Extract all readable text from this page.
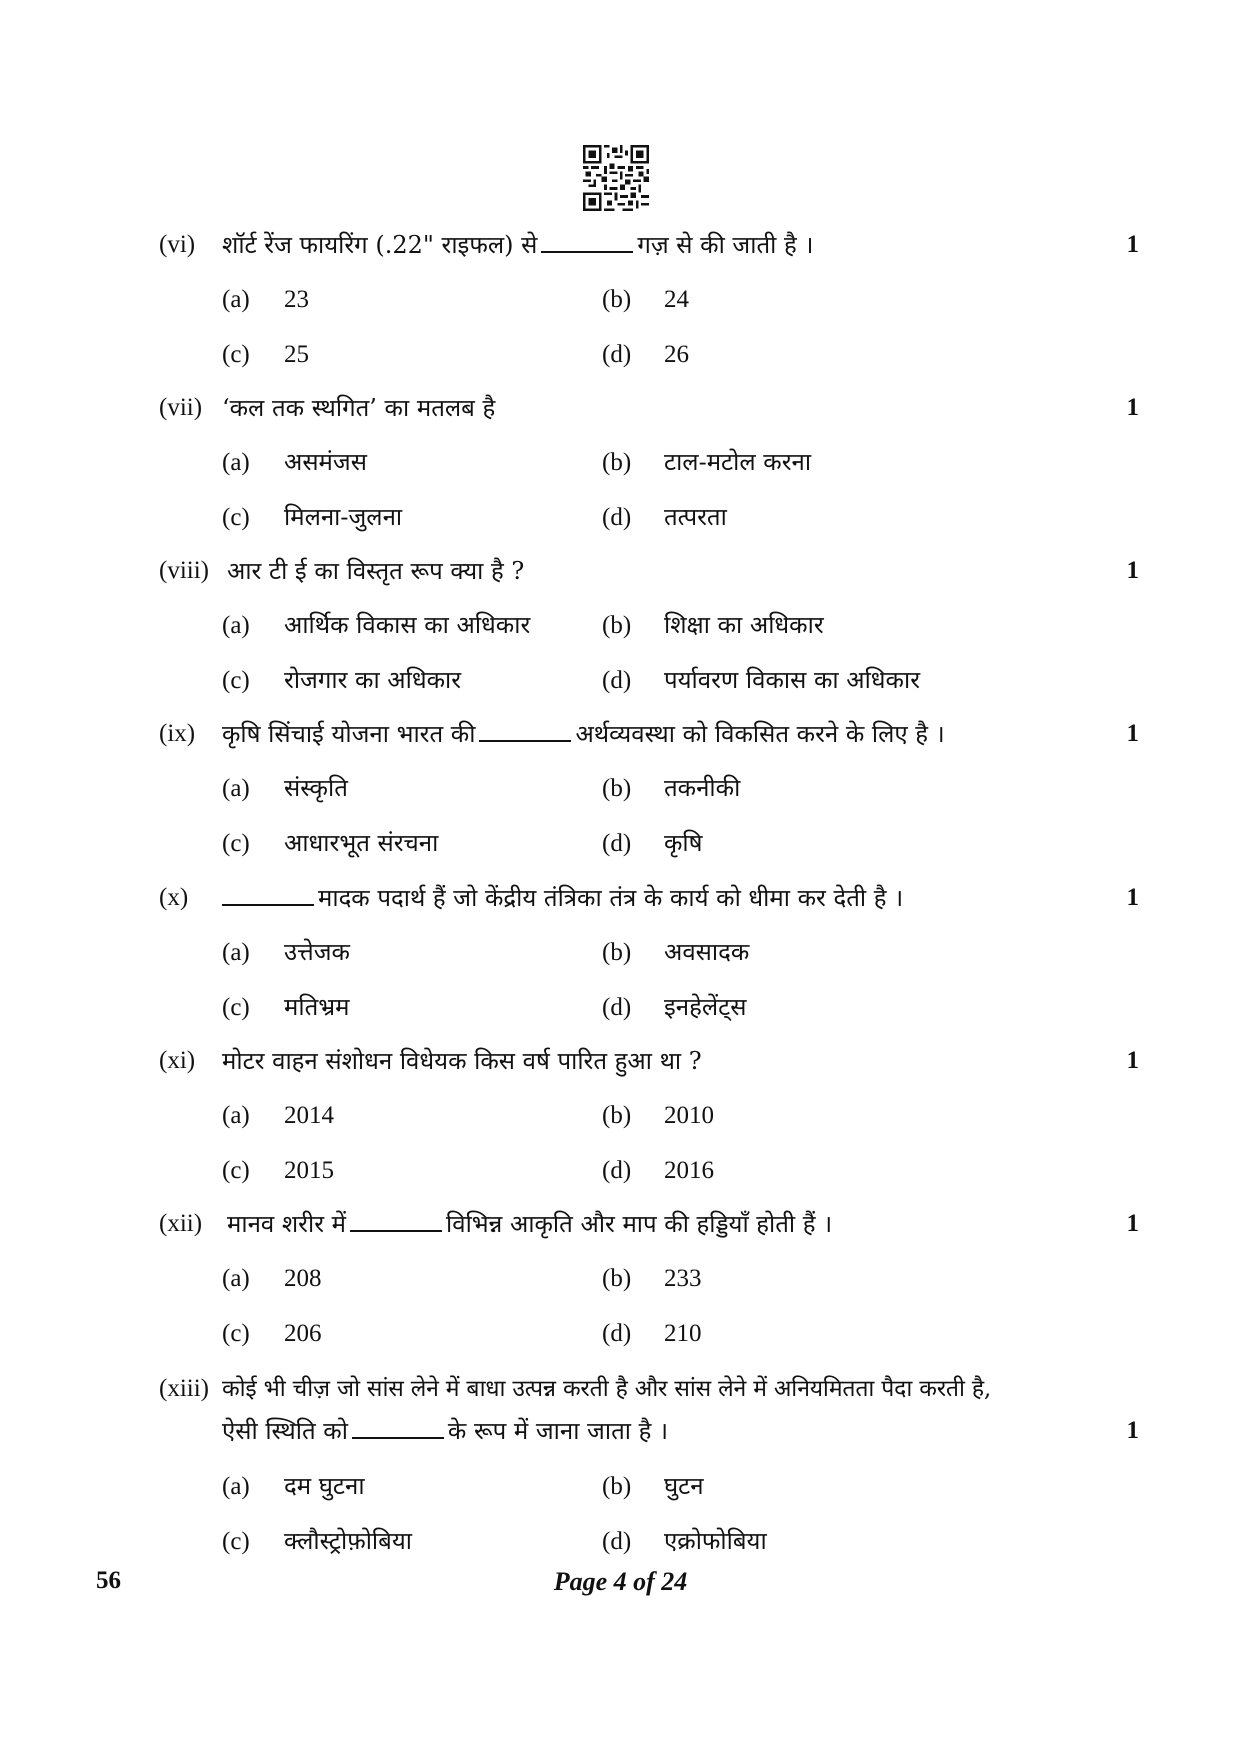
(vi) शॉर्ट रेंज फायरिंग (.22" राइफल) से	गज़ से की जाती है ।	1
(a) 23	(b) 24
(c) 25	(d) 26
(vii) ‘कल तक स्थगित’ का मतलब है	1
(a) असमंजस	(b) टाल-मटोल करना
(c) मिलना-जुलना	(d) तत्परता
(viii) आर टी ई का विस्तृत रूप क्या है ?	1
(a) आर्थिक विकास का अधिकार	(b) शिक्षा का अधिकार
(c) रोजगार का अधिकार	(d) पर्यावरण विकास का अधिकार
(ix) कृषि सिंचाई योजना भारत की	अर्थव्यवस्था को विकसित करने के लिए है ।	1
(a) संस्कृति	(b) तकनीकी
(c) आधारभूत संरचना	(d) कृषि
(x)	मादक पदार्थ हैं जो केंद्रीय तंत्रिका तंत्र के कार्य को धीमा कर देती है ।	1
(a) उत्तेजक	(b) अवसादक
(c) मतिभ्रम	(d) इनहेलेंट्स
(xi) मोटर वाहन संशोधन विधेयक किस वर्ष पारित हुआ था ?	1
(a) 2014	(b) 2010
(c) 2015	(d) 2016
(xii) मानव शरीर में	विभिन्न आकृति और माप की हड्डियाँ होती हैं ।	1
(a) 208	(b) 233
(c) 206	(d) 210
(xiii) कोई भी चीज़ जो सांस लेने में बाधा उत्पन्न करती है और सांस लेने में अनियमितता पैदा करती है,
ऐसी स्थिति को	के रूप में जाना जाता है ।	1
(a) दम घुटना	(b) घुटन
(c) क्लौस्ट्रोफ़ोबिया	(d) एक्रोफोबिया
56	Page 4 of 24
